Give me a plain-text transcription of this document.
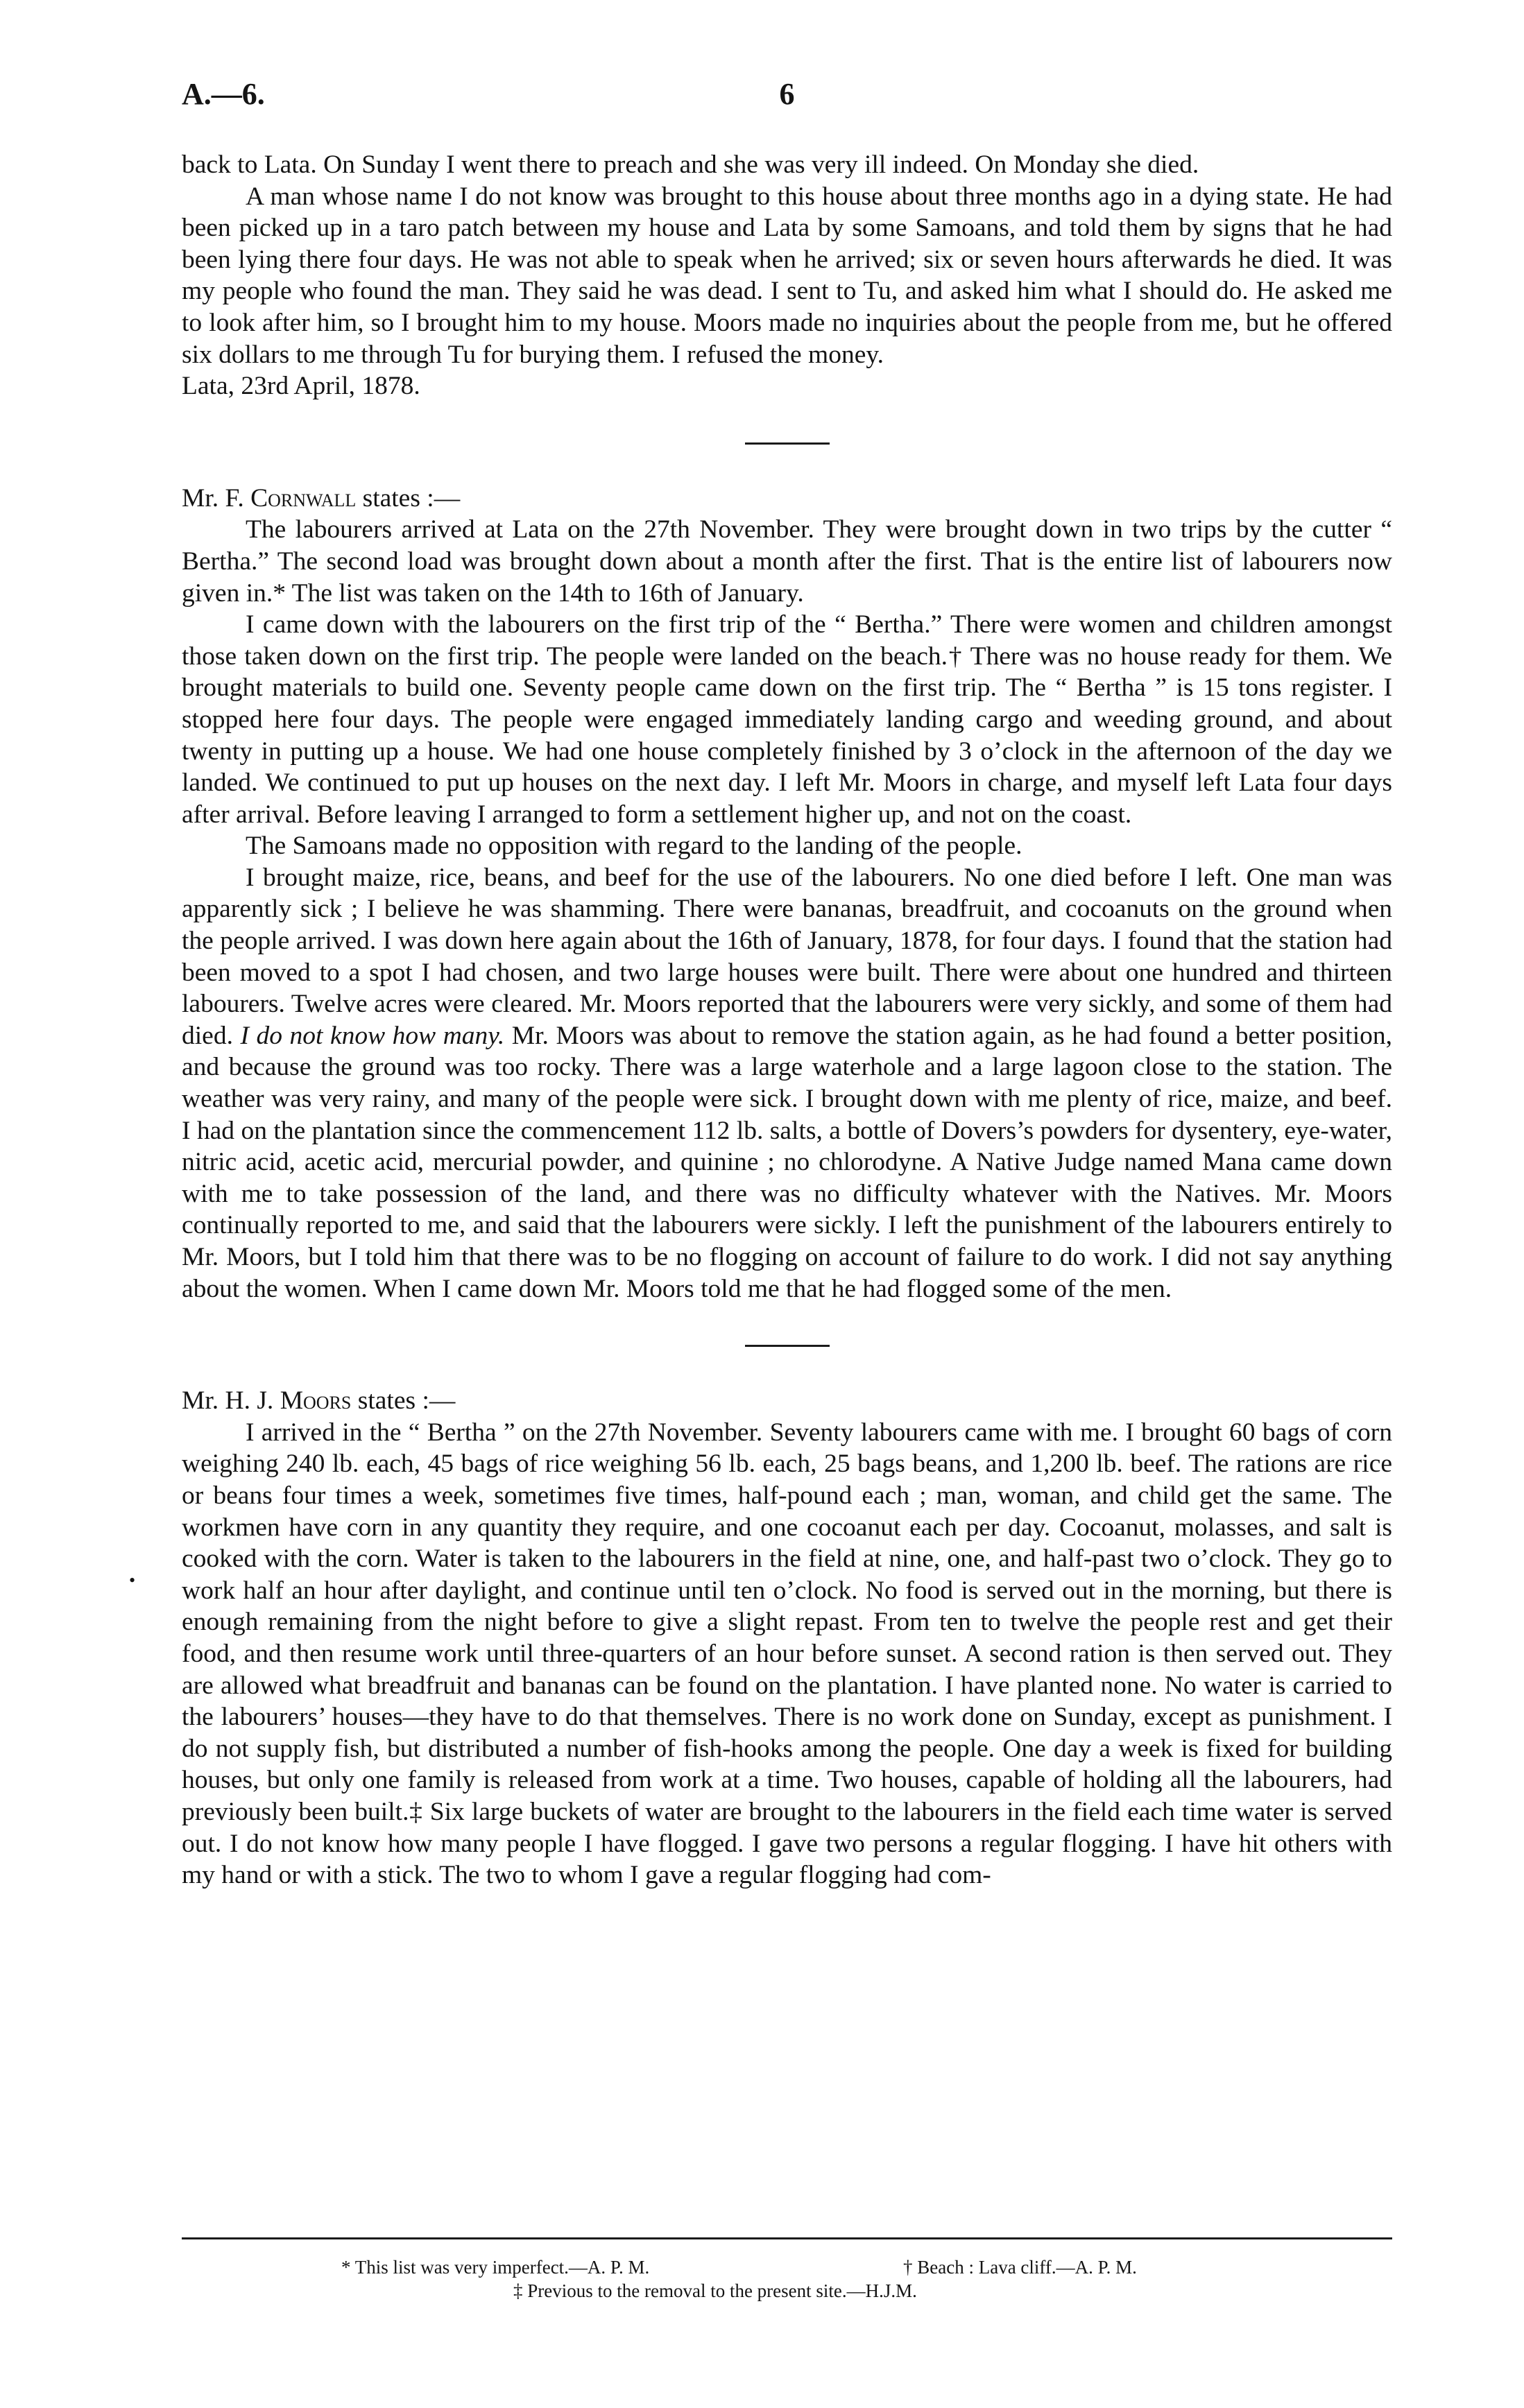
A.—6.	6
•

back to Lata. On Sunday I went there to preach and she was very ill indeed. On Monday she died.

A man whose name I do not know was brought to this house about three months ago in a dying state. He had been picked up in a taro patch between my house and Lata by some Samoans, and told them by signs that he had been lying there four days. He was not able to speak when he arrived; six or seven hours afterwards he died. It was my people who found the man. They said he was dead. I sent to Tu, and asked him what I should do. He asked me to look after him, so I brought him to my house. Moors made no inquiries about the people from me, but he offered six dollars to me through Tu for burying them. I refused the money.

Lata, 23rd April, 1878.

Mr. F. Cornwall states :—

The labourers arrived at Lata on the 27th November. They were brought down in two trips by the cutter “ Bertha.” The second load was brought down about a month after the first. That is the entire list of labourers now given in.* The list was taken on the 14th to 16th of January.

I came down with the labourers on the first trip of the “ Bertha.” There were women and children amongst those taken down on the first trip. The people were landed on the beach.† There was no house ready for them. We brought materials to build one. Seventy people came down on the first trip. The “ Bertha ” is 15 tons register. I stopped here four days. The people were engaged immediately landing cargo and weeding ground, and about twenty in putting up a house. We had one house completely finished by 3 o’clock in the afternoon of the day we landed. We continued to put up houses on the next day. I left Mr. Moors in charge, and myself left Lata four days after arrival. Before leaving I arranged to form a settlement higher up, and not on the coast.

The Samoans made no opposition with regard to the landing of the people.

I brought maize, rice, beans, and beef for the use of the labourers. No one died before I left. One man was apparently sick ; I believe he was shamming. There were bananas, breadfruit, and cocoanuts on the ground when the people arrived. I was down here again about the 16th of January, 1878, for four days. I found that the station had been moved to a spot I had chosen, and two large houses were built. There were about one hundred and thirteen labourers. Twelve acres were cleared. Mr. Moors reported that the labourers were very sickly, and some of them had died. I do not know how many. Mr. Moors was about to remove the station again, as he had found a better position, and because the ground was too rocky. There was a large waterhole and a large lagoon close to the station. The weather was very rainy, and many of the people were sick. I brought down with me plenty of rice, maize, and beef. I had on the plantation since the commencement 112 lb. salts, a bottle of Dovers’s powders for dysentery, eye-water, nitric acid, acetic acid, mercurial powder, and quinine ; no chlorodyne. A Native Judge named Mana came down with me to take possession of the land, and there was no difficulty whatever with the Natives. Mr. Moors continually reported to me, and said that the labourers were sickly. I left the punishment of the labourers entirely to Mr. Moors, but I told him that there was to be no flogging on account of failure to do work. I did not say anything about the women. When I came down Mr. Moors told me that he had flogged some of the men.

Mr. H. J. Moors states :—

I arrived in the “ Bertha ” on the 27th November. Seventy labourers came with me. I brought 60 bags of corn weighing 240 lb. each, 45 bags of rice weighing 56 lb. each, 25 bags beans, and 1,200 lb. beef. The rations are rice or beans four times a week, sometimes five times, half-pound each ; man, woman, and child get the same. The workmen have corn in any quantity they require, and one cocoanut each per day. Cocoanut, molasses, and salt is cooked with the corn. Water is taken to the labourers in the field at nine, one, and half-past two o’clock. They go to work half an hour after daylight, and continue until ten o’clock. No food is served out in the morning, but there is enough remaining from the night before to give a slight repast. From ten to twelve the people rest and get their food, and then resume work until three-quarters of an hour before sunset. A second ration is then served out. They are allowed what breadfruit and bananas can be found on the plantation. I have planted none. No water is carried to the labourers’ houses—they have to do that themselves. There is no work done on Sunday, except as punishment. I do not supply fish, but distributed a number of fish-hooks among the people. One day a week is fixed for building houses, but only one family is released from work at a time. Two houses, capable of holding all the labourers, had previously been built.‡ Six large buckets of water are brought to the labourers in the field each time water is served out. I do not know how many people I have flogged. I gave two persons a regular flogging. I have hit others with my hand or with a stick. The two to whom I gave a regular flogging had com-

* This list was very imperfect.—A. P. M.	† Beach : Lava cliff.—A. P. M.
‡ Previous to the removal to the present site.—H.J.M.
